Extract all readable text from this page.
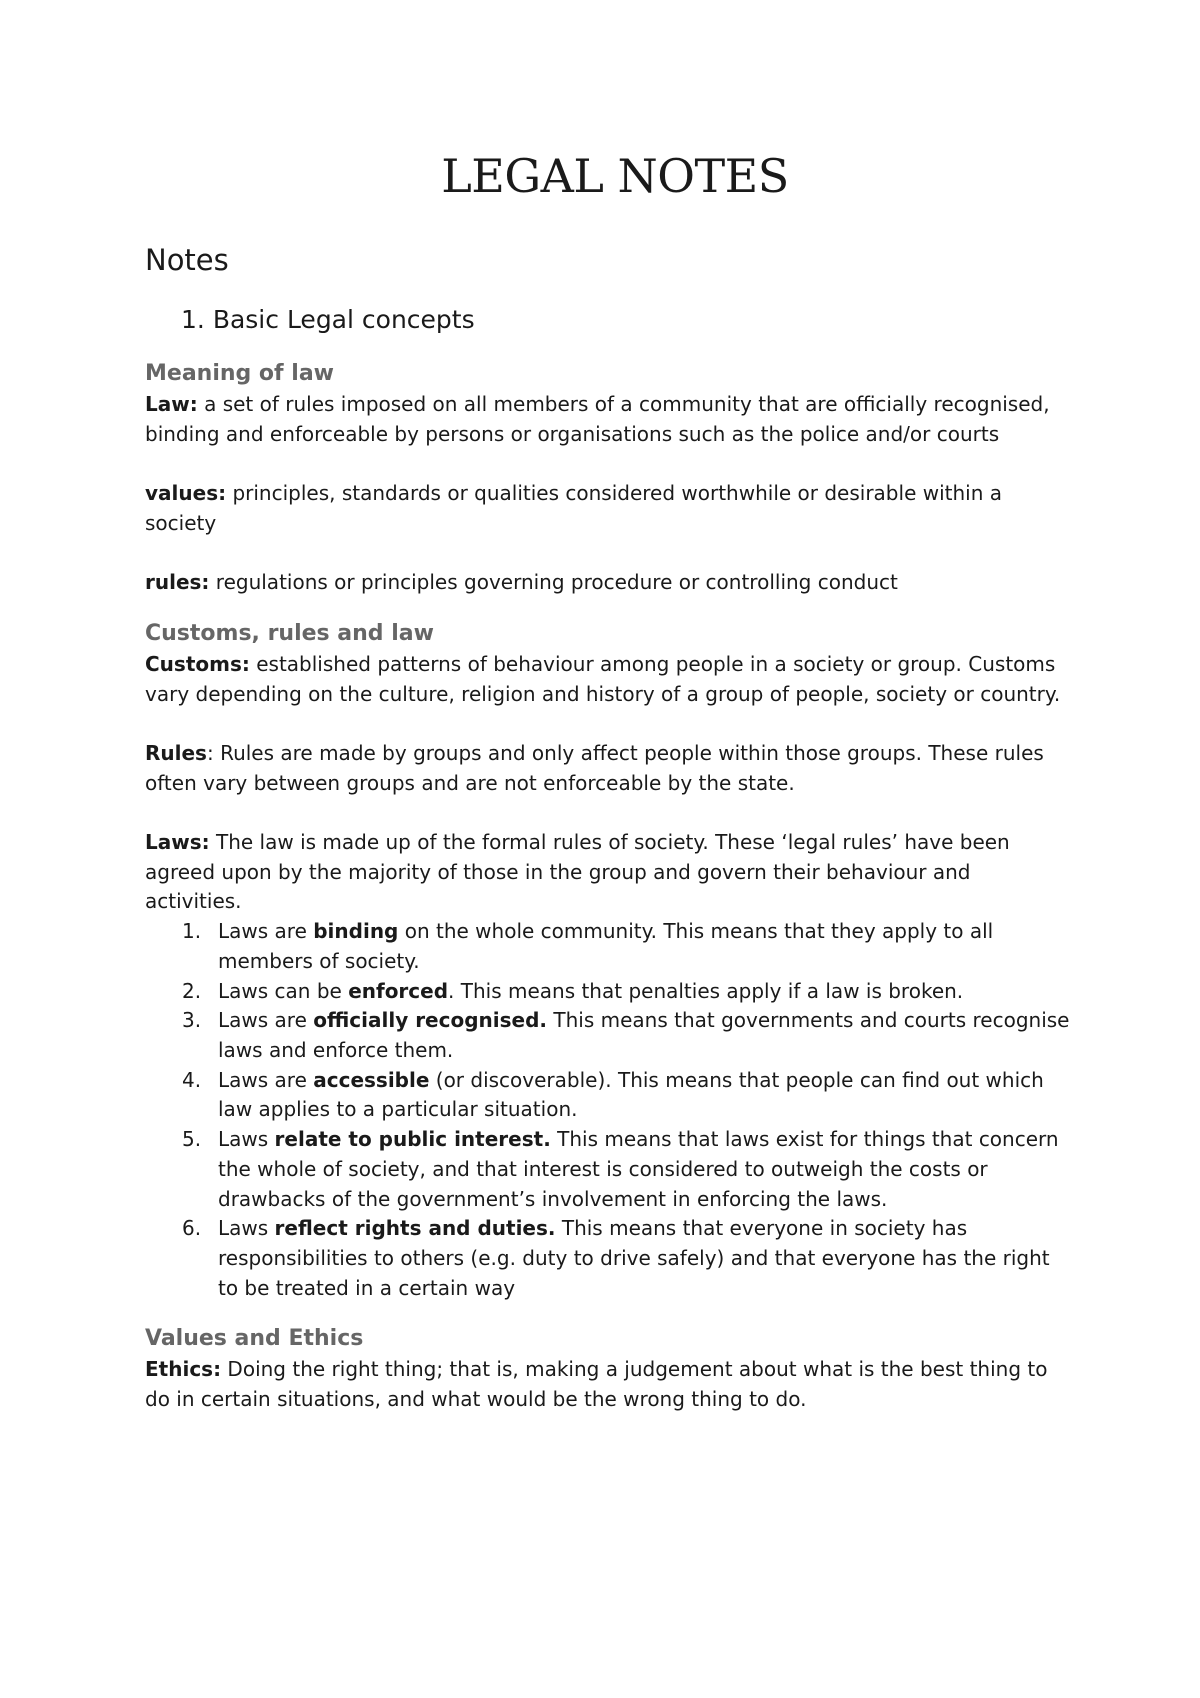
LEGAL NOTES
Notes
1. Basic Legal concepts
Meaning of law

Law: a set of rules imposed on all members of a community that are officially recognised, binding and enforceable by persons or organisations such as the police and/or courts

values: principles, standards or qualities considered worthwhile or desirable within a society

rules: regulations or principles governing procedure or controlling conduct

Customs, rules and law

Customs: established patterns of behaviour among people in a society or group. Customs vary depending on the culture, religion and history of a group of people, society or country.

Rules: Rules are made by groups and only affect people within those groups. These rules often vary between groups and are not enforceable by the state.

Laws: The law is made up of the formal rules of society. These ‘legal rules’ have been agreed upon by the majority of those in the group and govern their behaviour and activities.

1. Laws are binding on the whole community. This means that they apply to all members of society.
2. Laws can be enforced. This means that penalties apply if a law is broken.
3. Laws are officially recognised. This means that governments and courts recognise laws and enforce them.
4. Laws are accessible (or discoverable). This means that people can find out which law applies to a particular situation.
5. Laws relate to public interest. This means that laws exist for things that concern the whole of society, and that interest is considered to outweigh the costs or drawbacks of the government’s involvement in enforcing the laws.
6. Laws reflect rights and duties. This means that everyone in society has responsibilities to others (e.g. duty to drive safely) and that everyone has the right to be treated in a certain way
Values and Ethics

Ethics: Doing the right thing; that is, making a judgement about what is the best thing to do in certain situations, and what would be the wrong thing to do.
